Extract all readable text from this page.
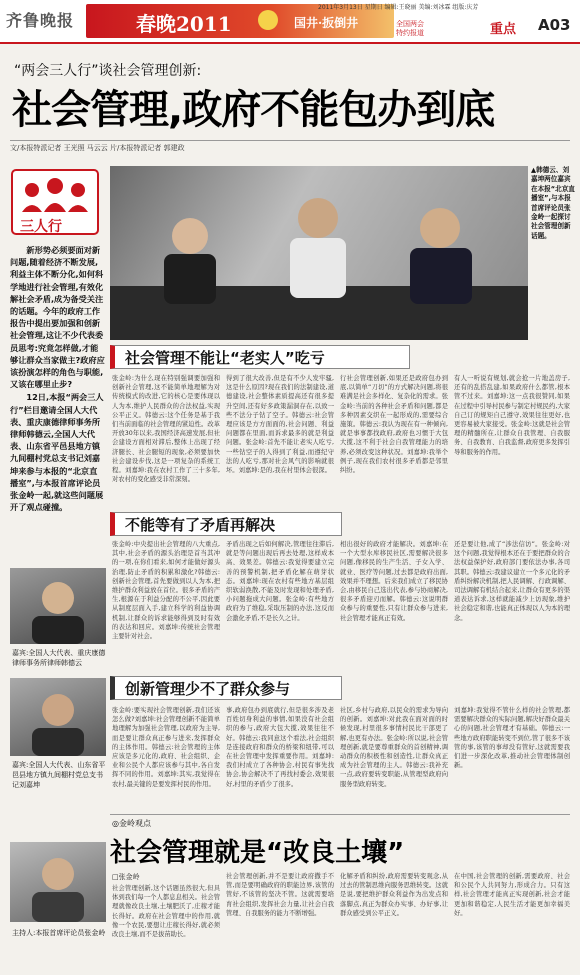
齐鲁晚报	春晚2011	国井·扳倒井
2011年3月13日 星期日 编辑:王晓丽 美编:刘冰霖 组版:庆芳
全国两会
特约报道	重点 A03
“两会三人行”谈社会管理创新:
社会管理,政府不能包办到底
文/本报特派记者 王光照 马云云 片/本报特派记者 郭建政
三人行

新形势必须要面对新问题,随着经济不断发展,利益主体不断分化,如何科学地进行社会管理,有效化解社会矛盾,成为备受关注的话题。今年的政府工作报告中提出要加强和创新社会管理,这让不少代表委员思考:究竟怎样做,才能够让群众当家做主?政府应该扮演怎样的角色与职能,又该在哪里止步?

12日,本报“两会三人行”栏目邀请全国人大代表、重庆康德律师事务所律师韩德云,全国人大代表、山东省平邑县地方镇九间棚村党总支书记刘嘉坤来参与本报的“北京直播室”,与本报首席评论员张金岭一起,就这些问题展开了观点碰撞。

▲韩德云、刘嘉坤两位嘉宾在本报“北京直播室”,与本报首席评论员张金岭一起探讨社会管理创新话题。
社会管理不能让“老实人”吃亏
张金岭:为什么现在特别强调要加强和创新社会管理,这不能简单地理解为对传统模式的改进,它的核心是要体现以人为本,维护人民群众的合法权益,实现公平正义。韩德云:这个任务是基于我们当前面临的社会管理的紧迫性。改革开放30年以来,我国经济高速发展,但社会建设方面相对滞后,整体上出现了经济腿长、社会腿短的现象,必须要加快社会建设步伐,这是一项复杂的系统工程。刘嘉坤:我在农村工作了三十多年,对农村的变化感受非常深刻。
得到了很大改善,但是有不少人发牢骚,这是什么原因?现在我们的法制建设,道德建设,社会整体素质提高还有很多提升空间,还有好多政策漏洞存在,以致一些不法分子钻了空子。韩德云:社会管理应该是方方面面的,社会问题、利益问题都在里面,而诉求最多的就是利益问题。张金岭:首先不能让老实人吃亏,一些钻空子的人得到了利益,而遵纪守法的人吃亏,那对社会风气的影响就很坏。刘嘉坤:是的,我在村里体会很深。
行社会管理创新,如果还是政府包办到底,以简单“刀切”的方式解决问题,将很难满足社会多样化、复杂化的需求。张金岭:当前的各种社会矛盾和问题,都是多种因素交织在一起形成的,需要综合施策。韩德云:我认为现在有一种倾向,就是事事都找政府,政府也习惯于大包大揽,这不利于社会自我管理能力的培养,必须改变这种状况。刘嘉坤:我举个例子,现在我们农村很多矛盾都是邻里纠纷。
有人一听说有规划,就会抢一片地盖房子,还有的乱搭乱建,如果政府什么都管,根本管不过来。刘嘉坤:这一点我很赞同,如果在过程中引导村民参与制定村规民约,大家自己订的规矩自己遵守,效果往往更好,也更容易被大家接受。张金岭:这就是社会管理的精髓所在,让群众自我管理、自我服务、自我教育、自我监督,政府更多发挥引导和服务的作用。
不能等有了矛盾再解决
嘉宾:全国人大代表、重庆康德律师事务所律师韩德云
张金岭:中央提出社会管理的八大重点,其中,社会矛盾的源头治理是首当其冲的一项,在你们看来,如何才能做好源头治理,防止矛盾的积累和激化?韩德云:创新社会管理,首先要做到以人为本,把维护群众利益放在首位。很多矛盾的产生,根源在于利益分配的不公平,因此要从制度层面入手,建立科学的利益协调机制,让群众的诉求能够得到及时有效的表达和回应。刘嘉坤:传统社会管理主要针对社会。
矛盾出现之后如何解决,管理往往滞后,就是等问题出现后再去处理,这样成本高、效果差。韩德云:我觉得要建立完善的预警机制,把矛盾化解在萌芽状态。刘嘉坤:现在农村有些地方基层组织软弱涣散,不能及时发现和处理矛盾,小问题拖成大问题。张金岭:有些地方政府为了维稳,采取压制的办法,这反而会激化矛盾,不是长久之计。
相出很好的政府才能解决。刘嘉坤:在一个大型水库移民社区,需要解决很多问题,像移民的生产生活、子女入学、就业、医疗等问题,过去都是政府出面,效果并不理想。后来我们成立了移民协会,由移民自己选出代表,参与协商解决,很多矛盾迎刃而解。韩德云:这说明群众参与的重要性,只有让群众参与进来,社会管理才能真正有效。
还是要让他,成了“涉法信访”。张金岭:对这个问题,我觉得根本还在于要把群众的合法权益保护好,政府部门要依法办事,各司其职。韩德云:我建议建立一个多元化的矛盾纠纷解决机制,把人民调解、行政调解、司法调解有机结合起来,让群众有更多的渠道表达诉求,这样就能减少上访现象,维护社会稳定和谐,也能真正体现以人为本的理念。
嘉宾:全国人大代表、山东省平邑县地方镇九间棚村党总支书记刘嘉坤
创新管理少不了群众参与
张金岭:要实现社会管理创新,我们还该怎么做?刘嘉坤:社会管理创新不能简单地理解为加强社会管理,以政府为主导,而是要让群众真正参与进来,发挥群众的主体作用。韩德云:社会管理的主体应该是多元化的,政府、社会组织、企业和公民个人都应该参与其中,各自发挥不同的作用。刘嘉坤:其实,我觉得在农村,最关键的是要发挥村民的作用。
事,政府包办到底就行,但是很多涉及老百姓切身利益的事情,如果没有社会组织的参与,政府大包大揽,效果往往不好。韩德云:我同意这个看法,社会组织是连接政府和群众的桥梁和纽带,可以在社会管理中发挥重要作用。刘嘉坤:我们村成立了各种协会,村民有事先找协会,协会解决不了再找村委会,效果很好,村里的矛盾少了很多。
社区,乡村与政府,以民众的需求为导向的创新。刘嘉坤:对此我在面对面的时候发现,村里很多事情村民比干部更了解,也更有办法。张金岭:所以说,社会管理创新,就是要尊重群众的首创精神,调动群众的积极性和创造性,让群众真正成为社会管理的主人。韩德云:我补充一点,政府要转变职能,从管理型政府向服务型政府转变。
刘嘉坤:我觉得不管什么样的社会管理,都需要解决群众的实际问题,解决好群众最关心的问题,社会管理才有基础。韩德云:一些地方政府职能转变不到位,管了很多不该管的事,该管的事却没有管好,这就需要我们进一步深化改革,推动社会管理体制创新。
◎金岭观点
社会管理就是“改良土壤”
主持人:本报首席评论员张金岭
□张金岭
社会管理创新,这个话题虽然很大,但具体到我们每一个人都息息相关。社会管理就像改良土壤,土壤肥沃了,庄稼才能长得好。政府在社会管理中的作用,就像一个农民,要想让庄稼长得好,就必须改良土壤,而不是拔苗助长。
社会管理创新,并不是要让政府撒手不管,而是要明确政府的职能边界,该管的管好,不该管的坚决不管。这就需要培育社会组织,发挥社会力量,让社会自我管理、自我服务的能力不断增强。
化解矛盾和纠纷,政府需要转变观念,从过去的管制思维向服务思维转变。这就是说,要把维护群众利益作为出发点和落脚点,真正为群众办实事、办好事,让群众感受到公平正义。
在中国,社会管理的创新,需要政府、社会和公民个人共同努力,形成合力。只有这样,社会管理才能真正实现创新,社会才能更加和谐稳定,人民生活才能更加幸福美好。
